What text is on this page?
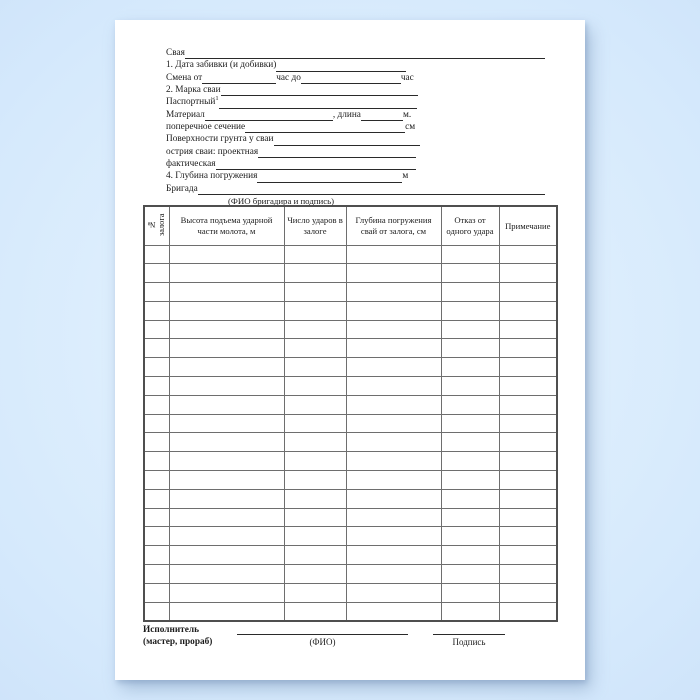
Свая
1. Дата забивки (и добивки)
Смена от	час до	час
2. Марка сваи
Паспортный$^1$
Материал	, длина	м.
поперечное сечение	см
Поверхности грунта у сваи
острия сваи: проектная
фактическая
4. Глубина погружения	м
Бригада
(ФИО бригадира и подпись)
№ залога	Высота подъема ударной части молота, м	Число ударов в залоге	Глубина погружения свай от залога, см	Отказ от одного удара	Примечание

Исполнитель
(мастер, прораб)	(ФИО)	Подпись
